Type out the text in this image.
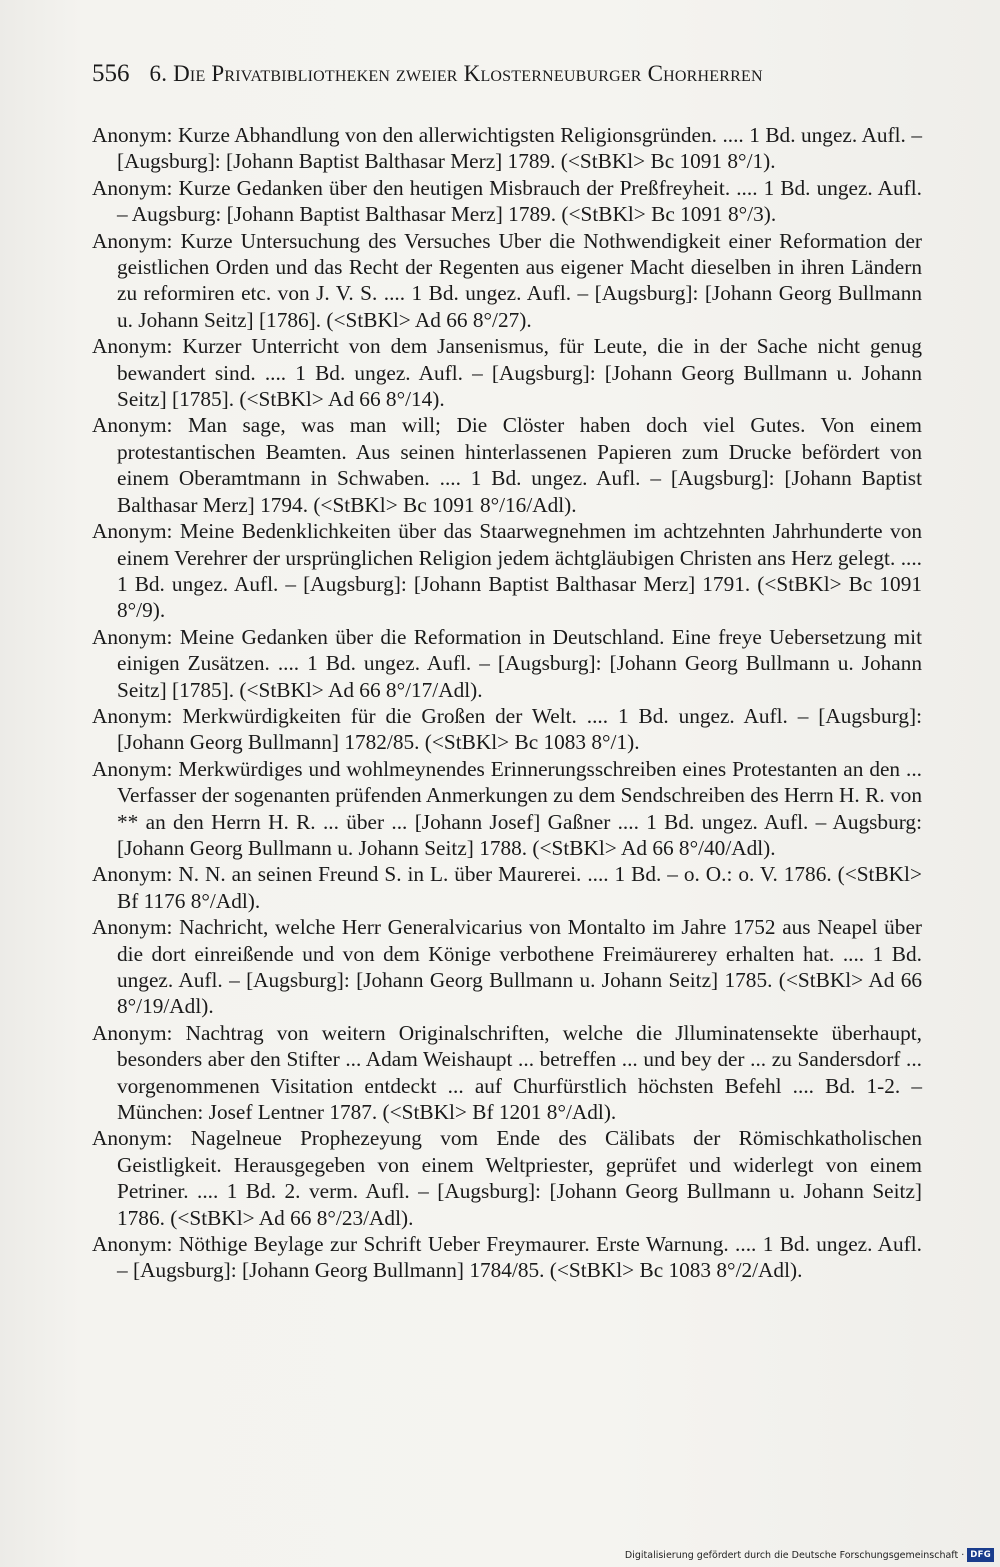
556 6. Die Privatbibliotheken zweier Klosterneuburger Chorherren
Anonym: Kurze Abhandlung von den allerwichtigsten Religionsgründen. .... 1 Bd. ungez. Aufl. – [Augsburg]: [Johann Baptist Balthasar Merz] 1789. (<StBKl> Bc 1091 8°/1).
Anonym: Kurze Gedanken über den heutigen Misbrauch der Preßfreyheit. .... 1 Bd. ungez. Aufl. – Augsburg: [Johann Baptist Balthasar Merz] 1789. (<StBKl> Bc 1091 8°/3).
Anonym: Kurze Untersuchung des Versuches Uber die Nothwendigkeit einer Reformation der geistlichen Orden und das Recht der Regenten aus eigener Macht dieselben in ihren Ländern zu reformiren etc. von J. V. S. .... 1 Bd. ungez. Aufl. – [Augsburg]: [Johann Georg Bullmann u. Johann Seitz] [1786]. (<StBKl> Ad 66 8°/27).
Anonym: Kurzer Unterricht von dem Jansenismus, für Leute, die in der Sache nicht genug bewandert sind. .... 1 Bd. ungez. Aufl. – [Augsburg]: [Johann Georg Bullmann u. Johann Seitz] [1785]. (<StBKl> Ad 66 8°/14).
Anonym: Man sage, was man will; Die Clöster haben doch viel Gutes. Von einem protestantischen Beamten. Aus seinen hinterlassenen Papieren zum Drucke befördert von einem Oberamtmann in Schwaben. .... 1 Bd. ungez. Aufl. – [Augsburg]: [Johann Baptist Balthasar Merz] 1794. (<StBKl> Bc 1091 8°/16/Adl).
Anonym: Meine Bedenklichkeiten über das Staarwegnehmen im achtzehnten Jahrhunderte von einem Verehrer der ursprünglichen Religion jedem ächtgläubigen Christen ans Herz gelegt. .... 1 Bd. ungez. Aufl. – [Augsburg]: [Johann Baptist Balthasar Merz] 1791. (<StBKl> Bc 1091 8°/9).
Anonym: Meine Gedanken über die Reformation in Deutschland. Eine freye Uebersetzung mit einigen Zusätzen. .... 1 Bd. ungez. Aufl. – [Augsburg]: [Johann Georg Bullmann u. Johann Seitz] [1785]. (<StBKl> Ad 66 8°/17/Adl).
Anonym: Merkwürdigkeiten für die Großen der Welt. .... 1 Bd. ungez. Aufl. – [Augsburg]: [Johann Georg Bullmann] 1782/85. (<StBKl> Bc 1083 8°/1).
Anonym: Merkwürdiges und wohlmeynendes Erinnerungsschreiben eines Protestanten an den ... Verfasser der sogenanten prüfenden Anmerkungen zu dem Sendschreiben des Herrn H. R. von ** an den Herrn H. R. ... über ... [Johann Josef] Gaßner .... 1 Bd. ungez. Aufl. – Augsburg: [Johann Georg Bullmann u. Johann Seitz] 1788. (<StBKl> Ad 66 8°/40/Adl).
Anonym: N. N. an seinen Freund S. in L. über Maurerei. .... 1 Bd. – o. O.: o. V. 1786. (<StBKl> Bf 1176 8°/Adl).
Anonym: Nachricht, welche Herr Generalvicarius von Montalto im Jahre 1752 aus Neapel über die dort einreißende und von dem Könige verbothene Freimäurerey erhalten hat. .... 1 Bd. ungez. Aufl. – [Augsburg]: [Johann Georg Bullmann u. Johann Seitz] 1785. (<StBKl> Ad 66 8°/19/Adl).
Anonym: Nachtrag von weitern Originalschriften, welche die Jlluminatensekte überhaupt, besonders aber den Stifter ... Adam Weishaupt ... betreffen ... und bey der ... zu Sandersdorf ... vorgenommenen Visitation entdeckt ... auf Churfürstlich höchsten Befehl .... Bd. 1-2. – München: Josef Lentner 1787. (<StBKl> Bf 1201 8°/Adl).
Anonym: Nagelneue Prophezeyung vom Ende des Cälibats der Römischkatholischen Geistligkeit. Herausgegeben von einem Weltpriester, geprüfet und widerlegt von einem Petriner. .... 1 Bd. 2. verm. Aufl. – [Augsburg]: [Johann Georg Bullmann u. Johann Seitz] 1786. (<StBKl> Ad 66 8°/23/Adl).
Anonym: Nöthige Beylage zur Schrift Ueber Freymaurer. Erste Warnung. .... 1 Bd. ungez. Aufl. – [Augsburg]: [Johann Georg Bullmann] 1784/85. (<StBKl> Bc 1083 8°/2/Adl).
Digitalisierung gefördert durch die Deutsche Forschungsgemeinschaft · DFG
